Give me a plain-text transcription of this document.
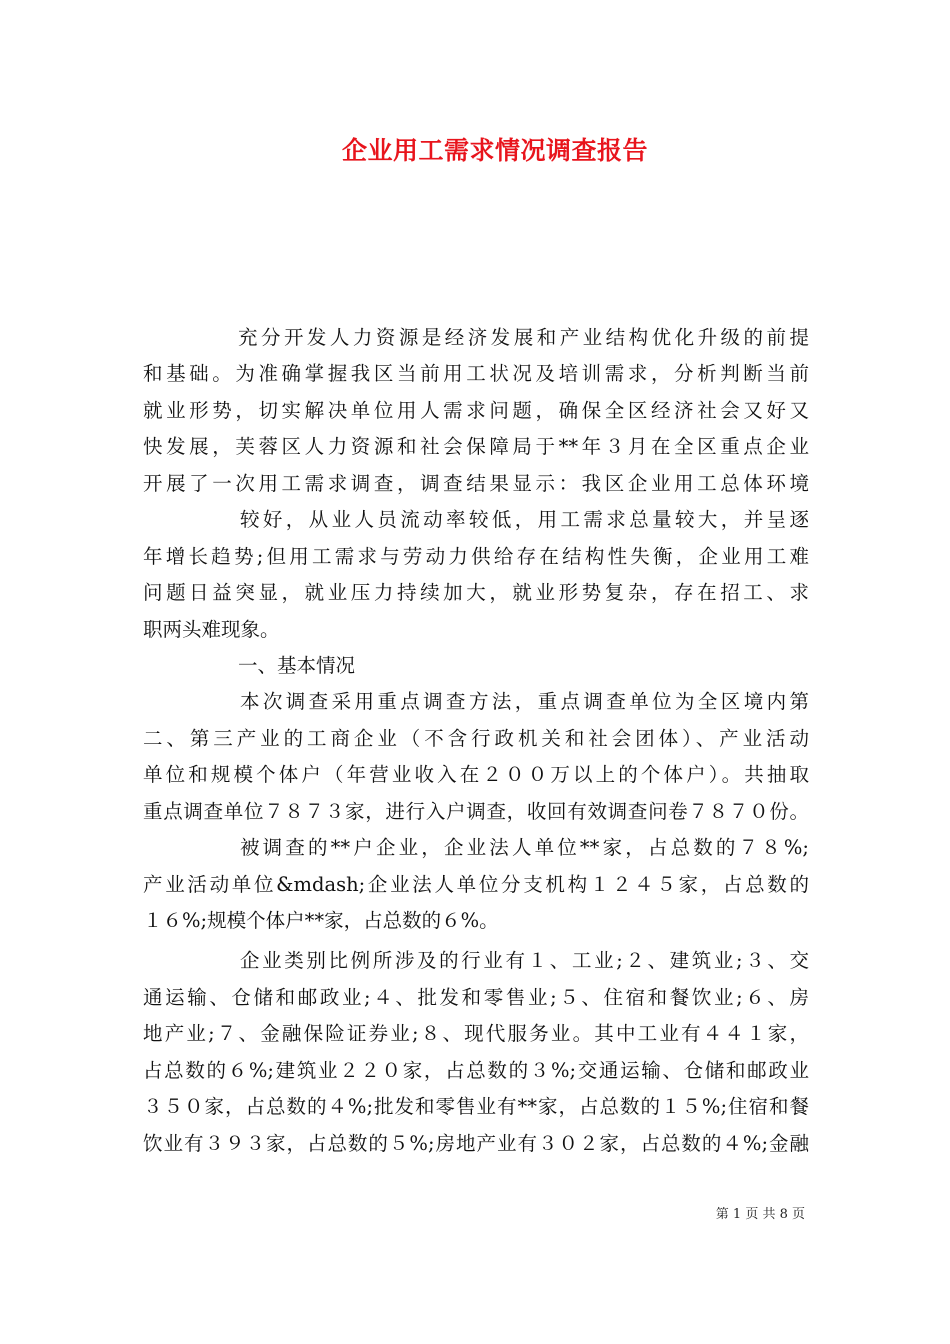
企业用工需求情况调查报告
充分开发人力资源是经济发展和产业结构优化升级的前提
和基础。为准确掌握我区当前用工状况及培训需求，分析判断当前
就业形势，切实解决单位用人需求问题，确保全区经济社会又好又
快发展，芙蓉区人力资源和社会保障局于**年３月在全区重点企业
开展了一次用工需求调查，调查结果显示：我区企业用工总体环境
较好，从业人员流动率较低，用工需求总量较大，并呈逐
年增长趋势;但用工需求与劳动力供给存在结构性失衡，企业用工难
问题日益突显，就业压力持续加大，就业形势复杂，存在招工、求
职两头难现象。
一、基本情况
本次调查采用重点调查方法，重点调查单位为全区境内第
二、第三产业的工商企业（不含行政机关和社会团体）、产业活动
单位和规模个体户（年营业收入在２００万以上的个体户）。共抽取
重点调查单位７８７３家，进行入户调查，收回有效调查问卷７８７０份。
被调查的**户企业，企业法人单位**家，占总数的７８%;
产业活动单位&mdash;企业法人单位分支机构１２４５家，占总数的
１６%;规模个体户**家，占总数的６%。
企业类别比例所涉及的行业有１、工业;２、建筑业;３、交
通运输、仓储和邮政业;４、批发和零售业;５、住宿和餐饮业;６、房
地产业;７、金融保险证券业;８、现代服务业。其中工业有４４１家，
占总数的６%;建筑业２２０家，占总数的３%;交通运输、仓储和邮政业
３５０家，占总数的４%;批发和零售业有**家，占总数的１５%;住宿和餐
饮业有３９３家，占总数的５%;房地产业有３０２家，占总数的４%;金融
第 1 页 共 8 页
